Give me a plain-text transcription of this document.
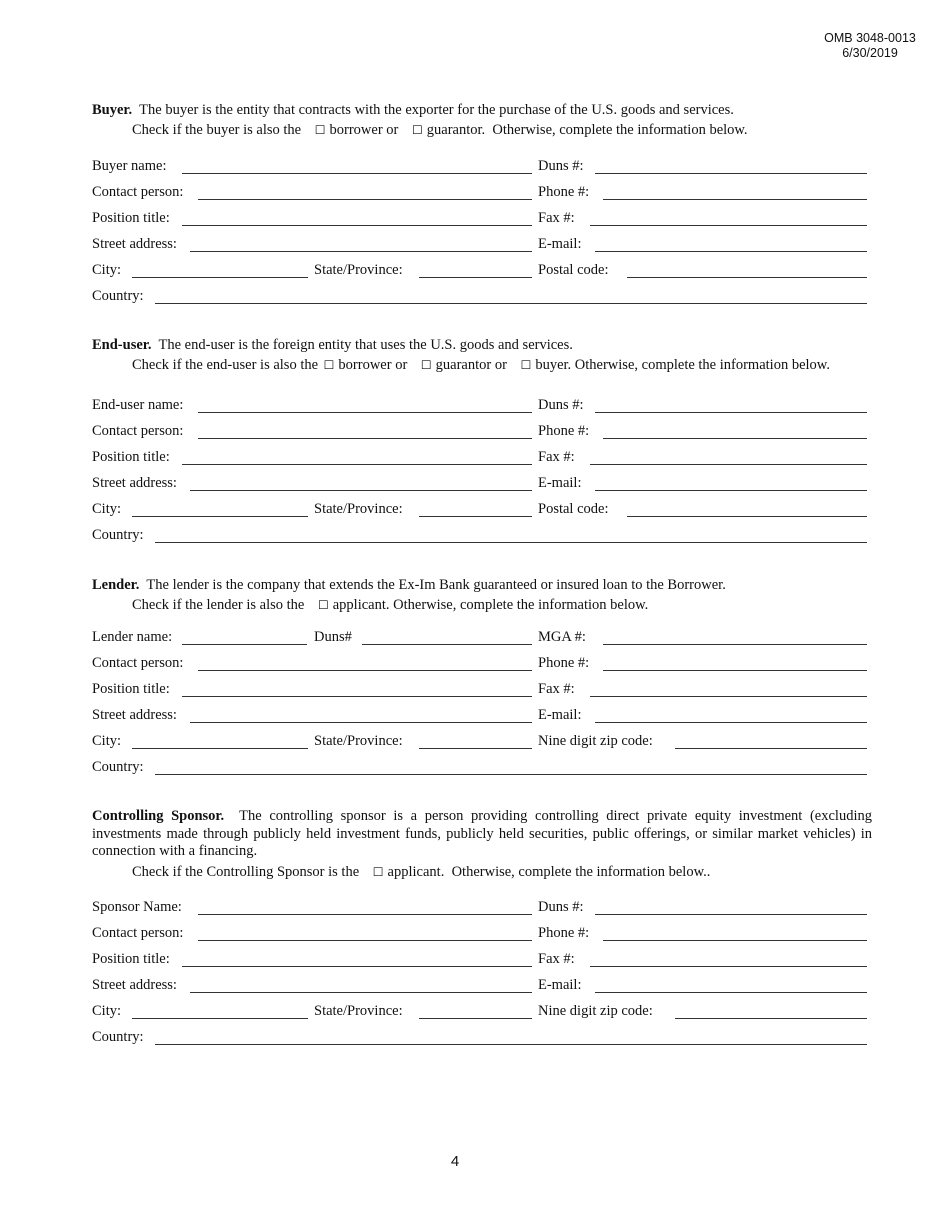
OMB 3048-0013
6/30/2019
Buyer. The buyer is the entity that contracts with the exporter for the purchase of the U.S. goods and services.
Check if the buyer is also the ☐ borrower or ☐ guarantor. Otherwise, complete the information below.
Buyer name:	Duns #:
Contact person:	Phone #:
Position title:	Fax #:
Street address:	E-mail:
City:	State/Province:	Postal code:
Country:
End-user. The end-user is the foreign entity that uses the U.S. goods and services.
Check if the end-user is also the ☐ borrower or ☐ guarantor or ☐ buyer. Otherwise, complete the information below.
End-user name:	Duns #:
Contact person:	Phone #:
Position title:	Fax #:
Street address:	E-mail:
City:	State/Province:	Postal code:
Country:
Lender. The lender is the company that extends the Ex-Im Bank guaranteed or insured loan to the Borrower.
Check if the lender is also the ☐ applicant. Otherwise, complete the information below.
Lender name:	Duns#	MGA #:
Contact person:	Phone #:
Position title:	Fax #:
Street address:	E-mail:
City:	State/Province:	Nine digit zip code:
Country:
Controlling Sponsor. The controlling sponsor is a person providing controlling direct private equity investment (excluding investments made through publicly held investment funds, publicly held securities, public offerings, or similar market vehicles) in connection with a financing.
Check if the Controlling Sponsor is the ☐ applicant. Otherwise, complete the information below..
Sponsor Name:	Duns #:
Contact person:	Phone #:
Position title:	Fax #:
Street address:	E-mail:
City:	State/Province:	Nine digit zip code:
Country:
4
